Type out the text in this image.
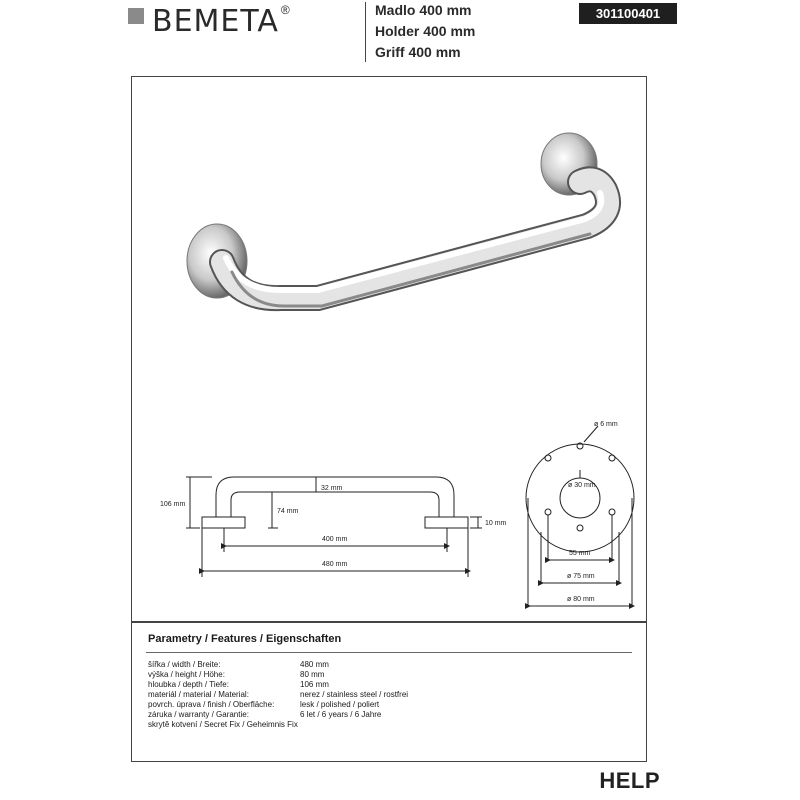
BEMETA ®	Madlo 400 mm
Holder 400 mm
Griff 400 mm
301100401
106 mm
74 mm
32 mm
10 mm
400 mm
480 mm
ø 6 mm
ø 30 mm
55 mm
ø 75 mm
ø 80 mm
Parametry / Features / Eigenschaften
šířka / width / Breite:	480 mm
výška / height / Höhe:	80 mm
hloubka / depth / Tiefe:	106 mm
materiál / material / Material:	nerez / stainless steel / rostfrei
povrch. úprava / finish / Oberfläche:	lesk / polished / poliert
záruka / warranty / Garantie:	6 let / 6 years / 6 Jahre
skrytě kotvení / Secret Fix / Geheimnis Fix
HELP
